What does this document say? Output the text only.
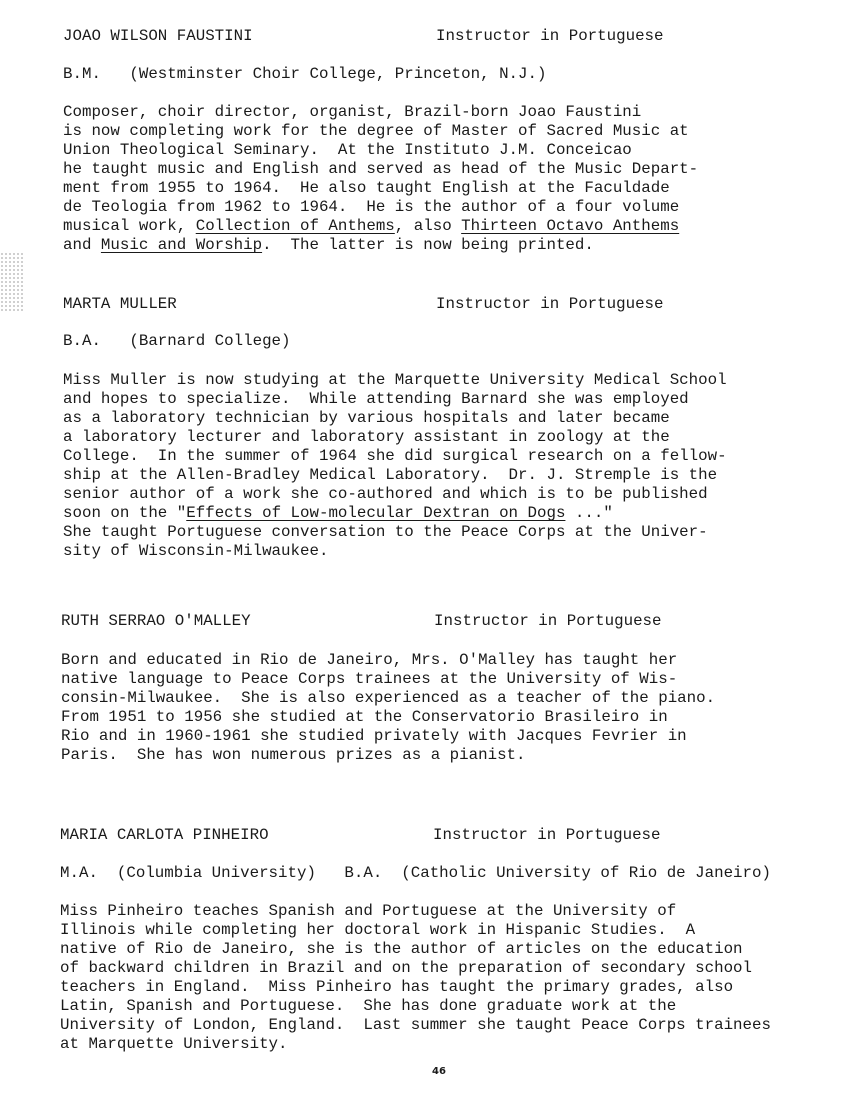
JOAO WILSON FAUSTINI	Instructor in Portuguese
B.M.   (Westminster Choir College, Princeton, N.J.)
Composer, choir director, organist, Brazil-born Joao Faustini
is now completing work for the degree of Master of Sacred Music at
Union Theological Seminary.  At the Instituto J.M. Conceicao
he taught music and English and served as head of the Music Depart-
ment from 1955 to 1964.  He also taught English at the Faculdade
de Teologia from 1962 to 1964.  He is the author of a four volume
musical work, Collection of Anthems, also Thirteen Octavo Anthems
and Music and Worship.  The latter is now being printed.
MARTA MULLER	Instructor in Portuguese
B.A.   (Barnard College)
Miss Muller is now studying at the Marquette University Medical School
and hopes to specialize.  While attending Barnard she was employed
as a laboratory technician by various hospitals and later became
a laboratory lecturer and laboratory assistant in zoology at the
College.  In the summer of 1964 she did surgical research on a fellow-
ship at the Allen-Bradley Medical Laboratory.  Dr. J. Stremple is the
senior author of a work she co-authored and which is to be published
soon on the "Effects of Low-molecular Dextran on Dogs ..."
She taught Portuguese conversation to the Peace Corps at the Univer-
sity of Wisconsin-Milwaukee.
RUTH SERRAO O'MALLEY	Instructor in Portuguese
Born and educated in Rio de Janeiro, Mrs. O'Malley has taught her
native language to Peace Corps trainees at the University of Wis-
consin-Milwaukee.  She is also experienced as a teacher of the piano.
From 1951 to 1956 she studied at the Conservatorio Brasileiro in
Rio and in 1960-1961 she studied privately with Jacques Fevrier in
Paris.  She has won numerous prizes as a pianist.
MARIA CARLOTA PINHEIRO	Instructor in Portuguese
M.A.  (Columbia University)   B.A.  (Catholic University of Rio de Janeiro)
Miss Pinheiro teaches Spanish and Portuguese at the University of
Illinois while completing her doctoral work in Hispanic Studies.  A
native of Rio de Janeiro, she is the author of articles on the education
of backward children in Brazil and on the preparation of secondary school
teachers in England.  Miss Pinheiro has taught the primary grades, also
Latin, Spanish and Portuguese.  She has done graduate work at the
University of London, England.  Last summer she taught Peace Corps trainees
at Marquette University.
46
